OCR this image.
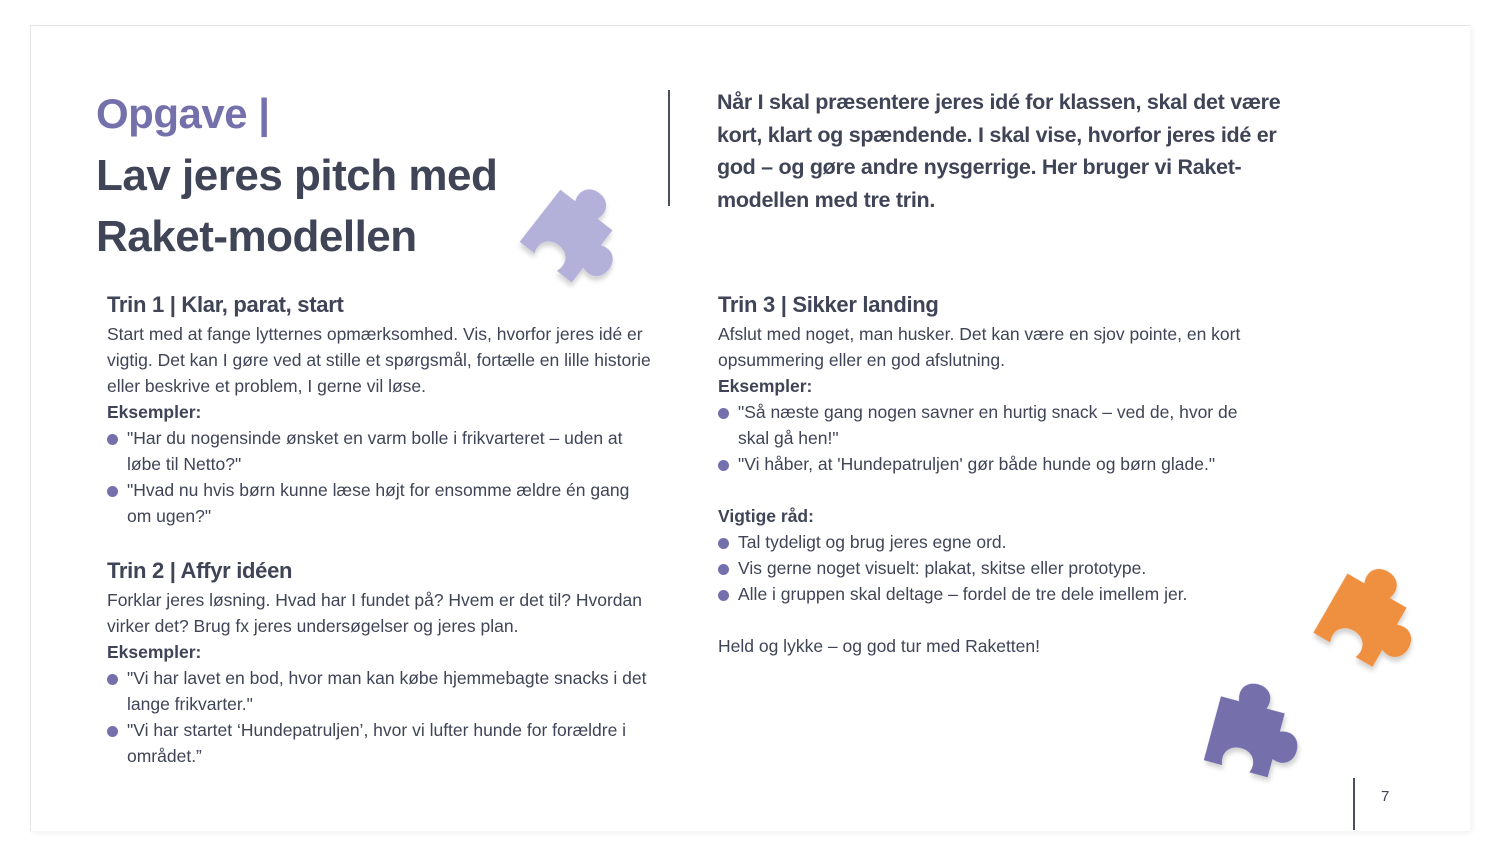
Opgave |
Lav jeres pitch med Raket-modellen
Når I skal præsentere jeres idé for klassen, skal det være kort, klart og spændende. I skal vise, hvorfor jeres idé er god – og gøre andre nysgerrige. Her bruger vi Raket-modellen med tre trin.
Trin 1 | Klar, parat, start
Start med at fange lytternes opmærksomhed. Vis, hvorfor jeres idé er vigtig. Det kan I gøre ved at stille et spørgsmål, fortælle en lille historie eller beskrive et problem, I gerne vil løse.
Eksempler:
"Har du nogensinde ønsket en varm bolle i frikvarteret – uden at løbe til Netto?"
"Hvad nu hvis børn kunne læse højt for ensomme ældre én gang om ugen?"
Trin 2 | Affyr idéen
Forklar jeres løsning. Hvad har I fundet på? Hvem er det til? Hvordan virker det? Brug fx jeres undersøgelser og jeres plan.
Eksempler:
"Vi har lavet en bod, hvor man kan købe hjemmebagte snacks i det lange frikvarter."
"Vi har startet ‘Hundepatruljen’, hvor vi lufter hunde for forældre i området.”
Trin 3 | Sikker landing
Afslut med noget, man husker. Det kan være en sjov pointe, en kort opsummering eller en god afslutning.
Eksempler:
"Så næste gang nogen savner en hurtig snack – ved de, hvor de skal gå hen!"
"Vi håber, at 'Hundepatruljen' gør både hunde og børn glade."
Vigtige råd:
Tal tydeligt og brug jeres egne ord.
Vis gerne noget visuelt: plakat, skitse eller prototype.
Alle i gruppen skal deltage – fordel de tre dele imellem jer.
Held og lykke – og god tur med Raketten!
7
